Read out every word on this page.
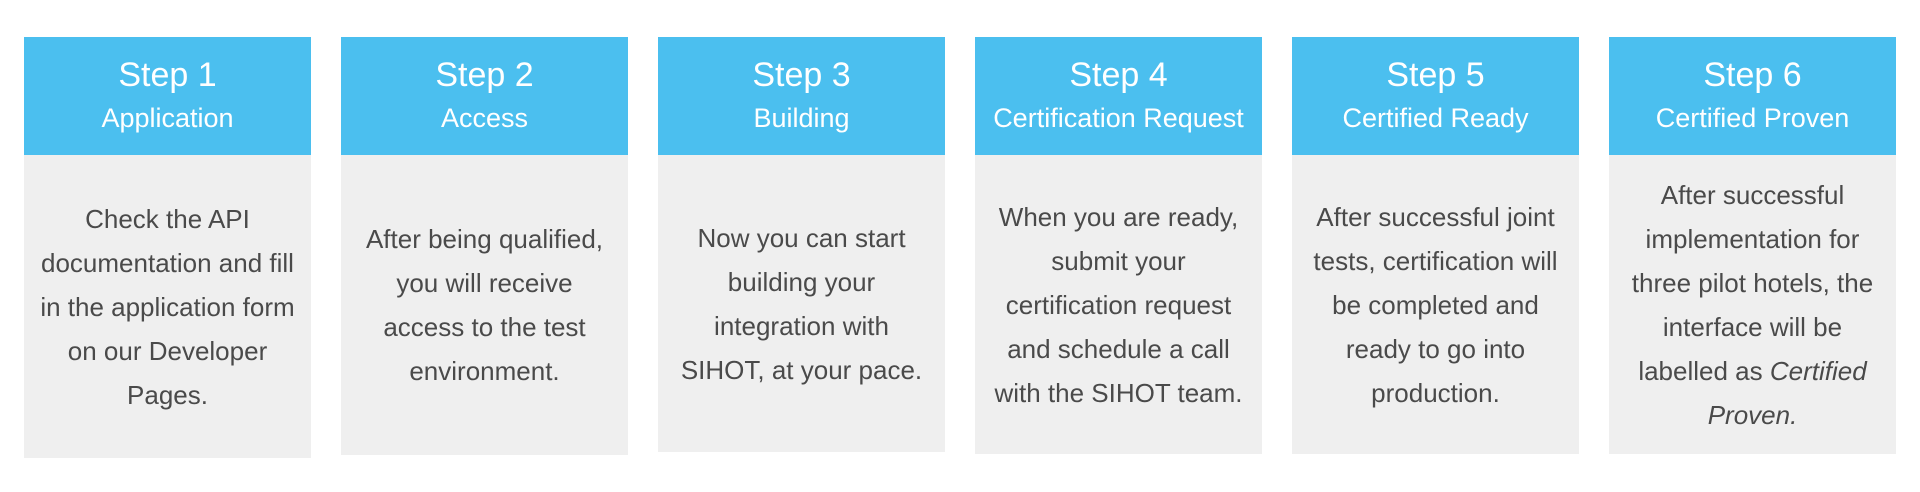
Step 1
Application
Check the API documentation and fill in the application form on our Developer Pages.
Step 2
Access
After being qualified, you will receive access to the test environment.
Step 3
Building
Now you can start building your integration with SIHOT, at your pace.
Step 4
Certification Request
When you are ready, submit your certification request and schedule a call with the SIHOT team.
Step 5
Certified Ready
After successful joint tests, certification will be completed and ready to go into production.
Step 6
Certified Proven
After successful implementation for three pilot hotels, the interface will be labelled as Certified Proven.
